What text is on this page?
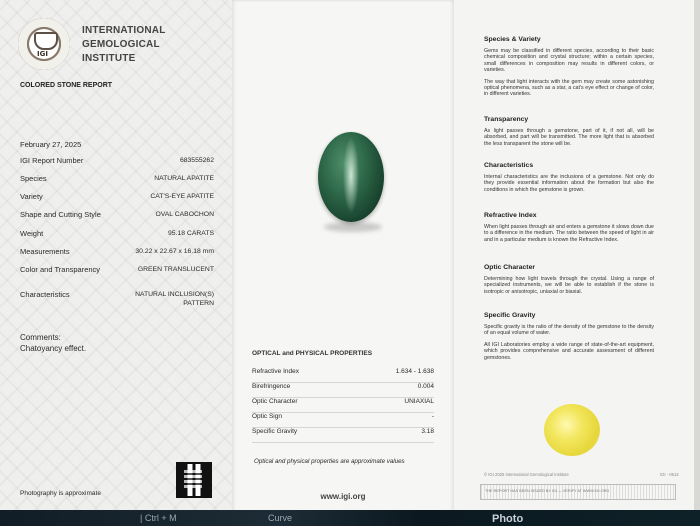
IGI
INTERNATIONAL
GEMOLOGICAL
INSTITUTE
COLORED STONE REPORT
February 27, 2025
IGI Report Number	683555262
Species	NATURAL APATITE
Variety	CAT'S-EYE APATITE
Shape and Cutting Style	OVAL CABOCHON
Weight	95.18 CARATS
Measurements	30.22 x 22.67 x 16.18 mm
Color and Transparency	GREEN TRANSLUCENT
Characteristics	NATURAL INCLUSION(S) PATTERN
Comments:
Chatoyancy effect.
Photography is approximate
OPTICAL and PHYSICAL PROPERTIES
Refractive Index	1.634 - 1.638
Birefringence	0.004
Optic Character	UNIAXIAL
Optic Sign	-
Specific Gravity	3.18
Optical and physical properties are approximate values
www.igi.org
Species & Variety

Gems may be classified in different species, according to their basic chemical composition and crystal structure; within a certain species, small differences in composition may results in different colors, or varieties.

The way that light interacts with the gem may create some astonishing optical phenomena, such as a star, a cat's eye effect or change of color, in different varieties.

Transparency

As light passes through a gemstone, part of it, if not all, will be absorbed, and part will be transmitted. The more light that is absorbed the less transparent the stone will be.

Characteristics

Internal characteristics are the inclusions of a gemstone. Not only do they provide essential information about the formation but also the conditions in which the gemstone is grown.

Refractive Index

When light passes through air and enters a gemstone it slows down due to a difference in the medium. The ratio between the speed of light in air and in a particular medium is known the Refractive Index.

Optic Character

Determining how light travels through the crystal. Using a range of specialized instruments, we will be able to establish if the stone is isotropic or anisotropic, uniaxial or biaxial.

Specific Gravity

Specific gravity is the ratio of the density of the gemstone to the density of an equal volume of water.

All IGI Laboratories employ a wide range of state-of-the-art equipment, which provides comprehensive and accurate assessment of different gemstones.

© IGI 2025 International Gemological Institute	IGI - 0613
THE REPORT HAS BEEN ISSUED BY IGI — VERIFY AT WWW.IGI.ORG
| Ctrl + M	Curve	Photo
